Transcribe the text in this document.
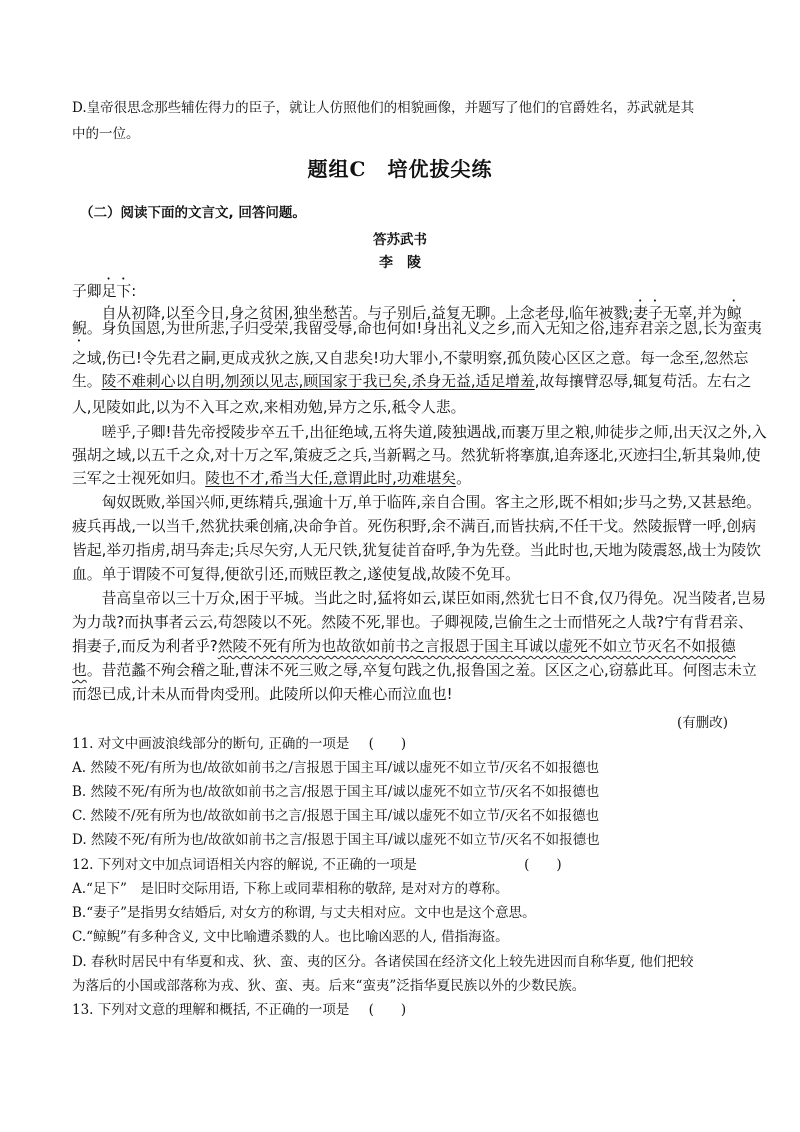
D.皇帝很思念那些辅佐得力的臣子，就让人仿照他们的相貌画像，并题写了他们的官爵姓名，苏武就是其
中的一位。
题组C　培优拔尖练
（二）阅读下面的文言文, 回答问题。
答苏武书
李　陵
子卿足下:
　　自从初降,以至今日,身之贫困,独坐愁苦。与子别后,益复无聊。上念老母,临年被戮;妻子无辜,并为鲸
鲵。身负国恩,为世所悲,子归受荣,我留受辱,命也何如!身出礼义之乡,而入无知之俗,违弃君亲之恩,长为蛮夷
之域,伤已!令先君之嗣,更成戎狄之族,又自悲矣!功大罪小,不蒙明察,孤负陵心区区之意。每一念至,忽然忘
生。陵不难刺心以自明,刎颈以见志,顾国家于我已矣,杀身无益,适足增羞,故每攘臂忍辱,辄复苟活。左右之
人,见陵如此,以为不入耳之欢,来相劝勉,异方之乐,秪令人悲。
　　嗟乎,子卿!昔先帝授陵步卒五千,出征绝域,五将失道,陵独遇战,而裹万里之粮,帅徒步之师,出天汉之外,入
强胡之域,以五千之众,对十万之军,策疲乏之兵,当新羁之马。然犹斩将搴旗,追奔逐北,灭迹扫尘,斩其枭帅,使
三军之士视死如归。陵也不才,希当大任,意谓此时,功难堪矣。
　　匈奴既败,举国兴师,更练精兵,强逾十万,单于临阵,亲自合围。客主之形,既不相如;步马之势,又甚悬绝。
疲兵再战,一以当千,然犹扶乘创痛,决命争首。死伤积野,余不满百,而皆扶病,不任干戈。然陵振臂一呼,创病
皆起,举刃指虏,胡马奔走;兵尽矢穷,人无尺铁,犹复徒首奋呼,争为先登。当此时也,天地为陵震怒,战士为陵饮
血。单于谓陵不可复得,便欲引还,而贼臣教之,遂使复战,故陵不免耳。
　　昔高皇帝以三十万众,困于平城。当此之时,猛将如云,谋臣如雨,然犹七日不食,仅乃得免。况当陵者,岂易
为力哉?而执事者云云,苟怨陵以不死。然陵不死,罪也。子卿视陵,岂偷生之士而惜死之人哉?宁有背君亲、
捐妻子,而反为利者乎?然陵不死有所为也故欲如前书之言报恩于国主耳诚以虚死不如立节灭名不如报德
也。昔范蠡不殉会稽之耻,曹沫不死三败之辱,卒复句践之仇,报鲁国之羞。区区之心,窃慕此耳。何图志未立
而怨已成,计未从而骨肉受刑。此陵所以仰天椎心而泣血也!
(有删改)
11. 对文中画波浪线部分的断句, 正确的一项是 (　　)
A. 然陵不死/有所为也/故欲如前书之/言报恩于国主耳/诚以虚死不如立节/灭名不如报德也
B. 然陵不死/有所为也/故欲如前书之言/报恩于国主耳/诚以虚死不如立节/灭名不如报德也
C. 然陵不/死有所为也/故欲如前书之言/报恩于国主耳/诚以虚死不如立节/灭名不如报德也
D. 然陵不死/有所为也/故欲如前书之言/报恩于国主耳/诚以虚死不如立节/灭名不如报德也
12. 下列对文中加点词语相关内容的解说, 不正确的一项是	(　　)
A.“足下”　是旧时交际用语, 下称上或同辈相称的敬辞, 是对对方的尊称。
B.“妻子”是指男女结婚后, 对女方的称谓, 与丈夫相对应。文中也是这个意思。
C.“鲸鲵”有多种含义, 文中比喻遭杀戮的人。也比喻凶恶的人, 借指海盗。
D. 春秋时居民中有华夏和戎、狄、蛮、夷的区分。各诸侯国在经济文化上较先进因而自称华夏, 他们把较
为落后的小国或部落称为戎、狄、蛮、夷。后来“蛮夷”泛指华夏民族以外的少数民族。
13. 下列对文意的理解和概括, 不正确的一项是 (　　)
